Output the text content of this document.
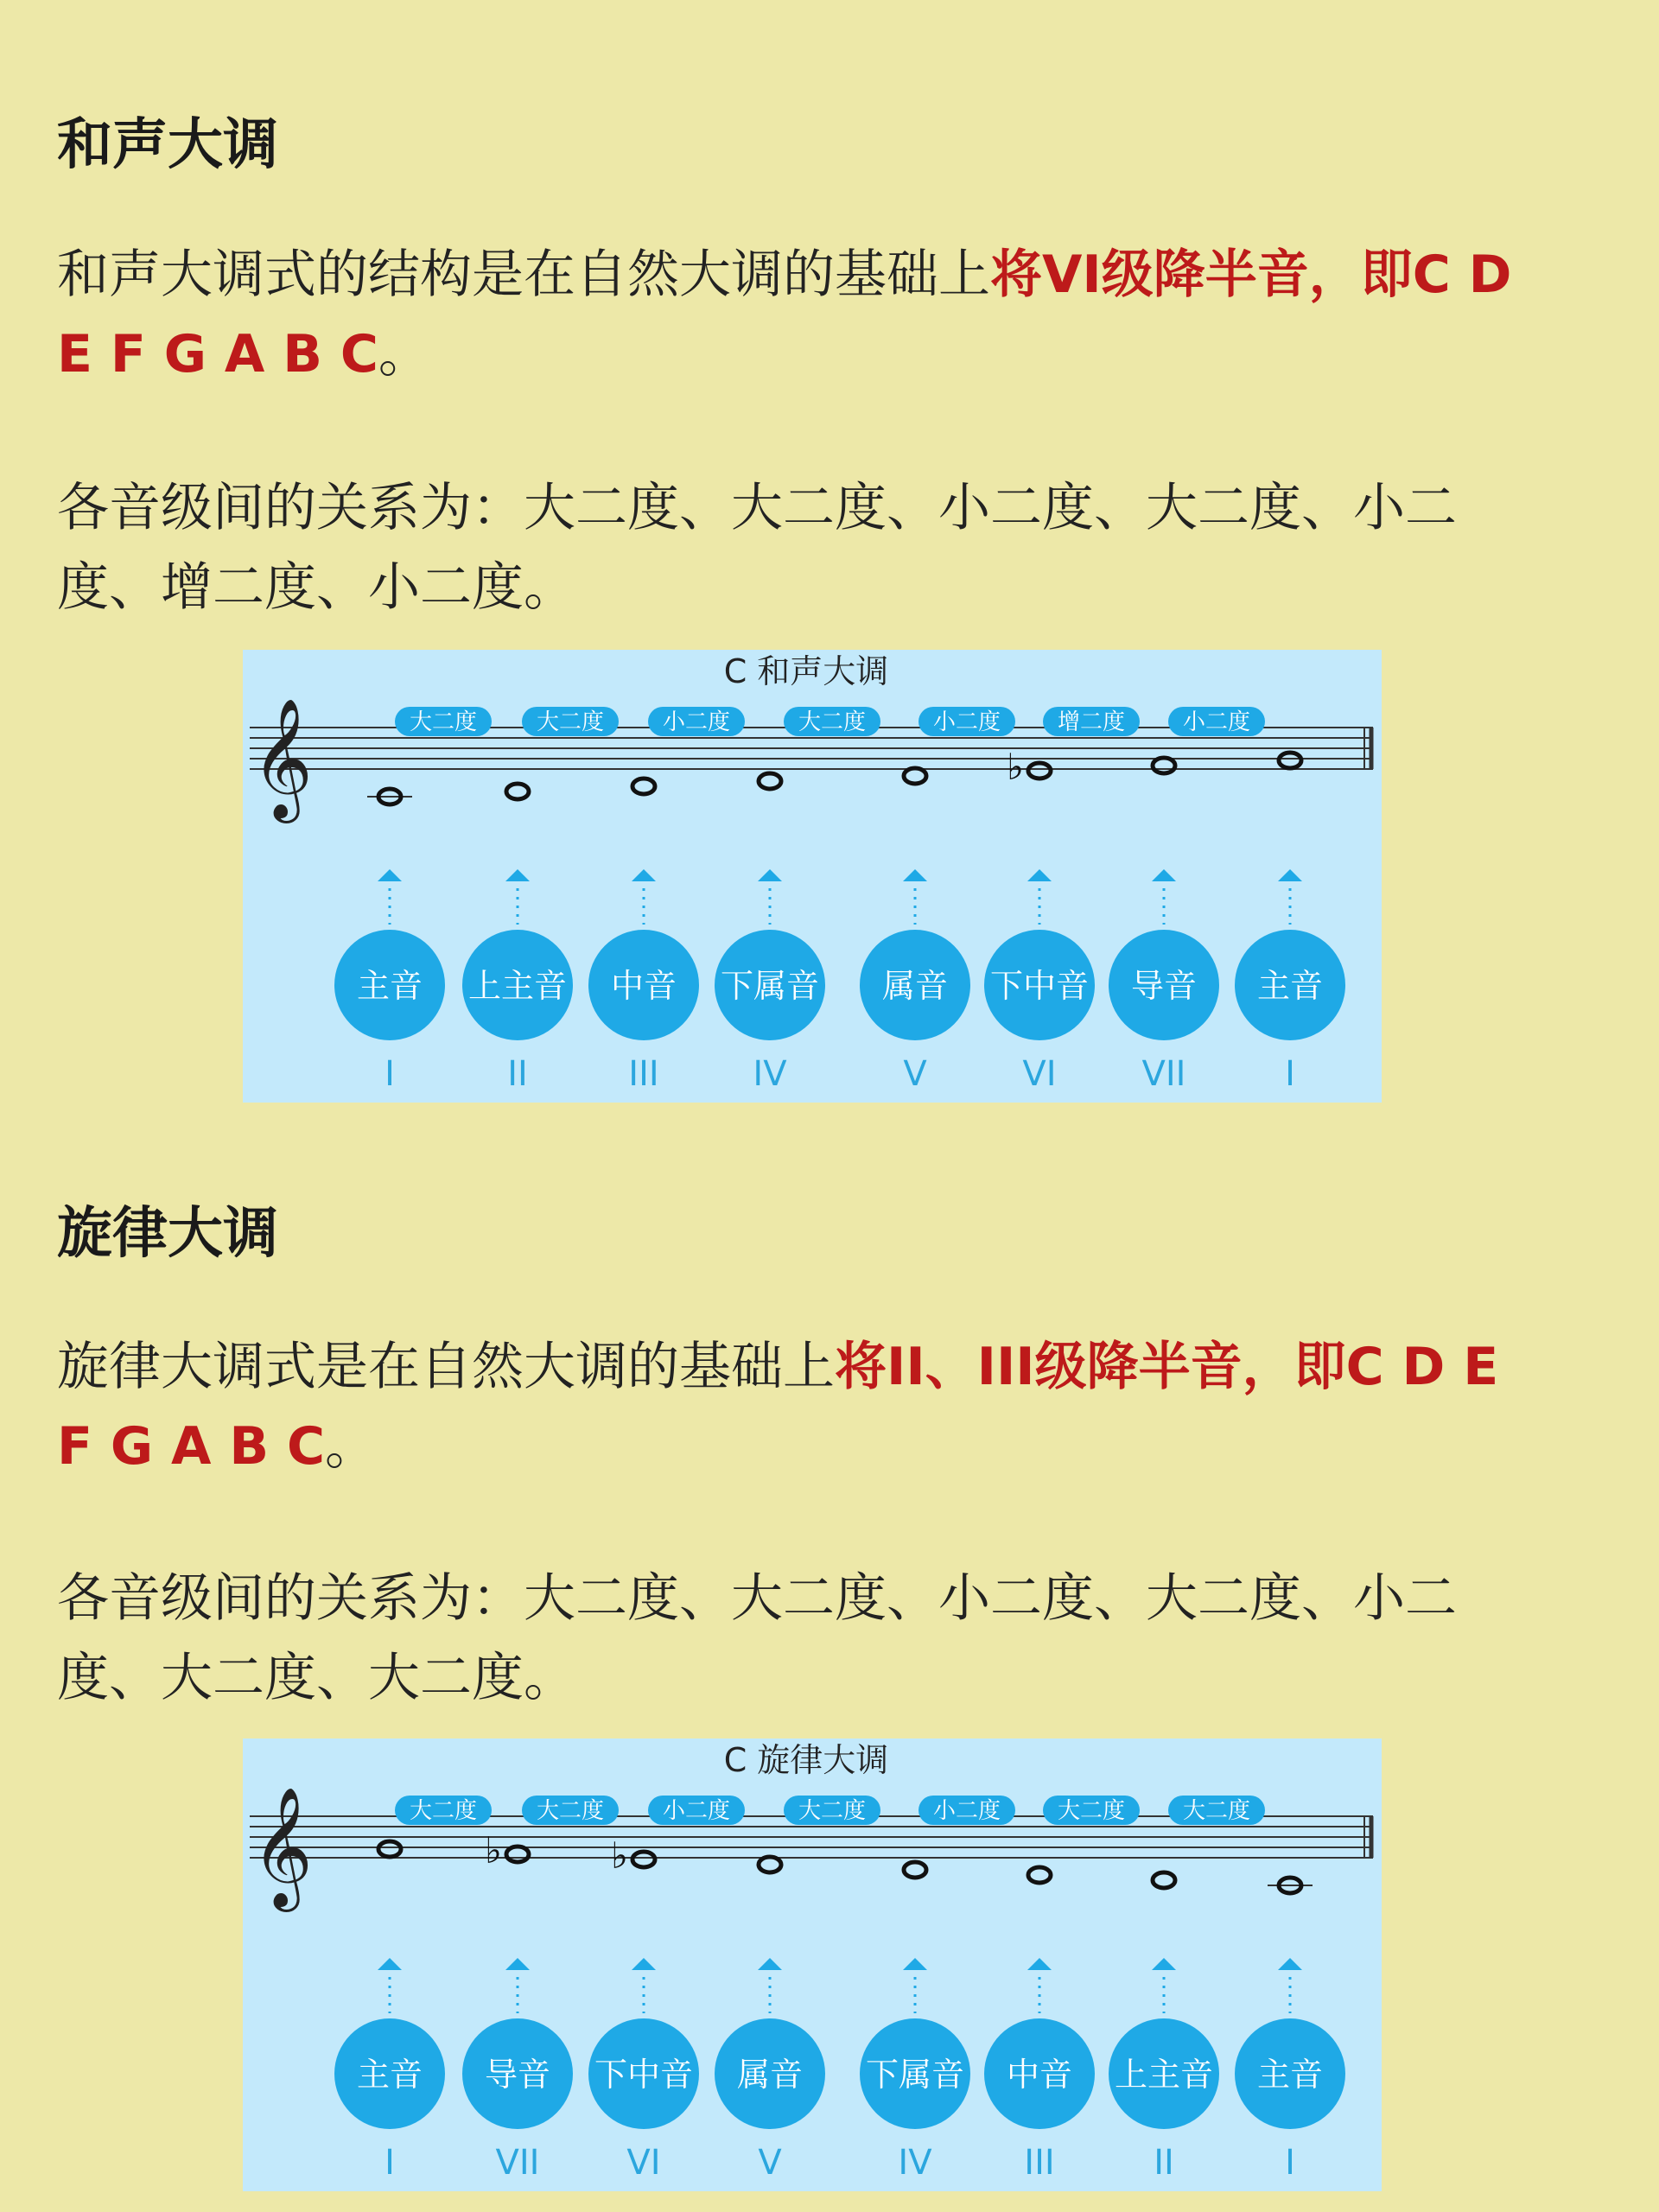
和声大调

和声大调式的结构是在自然大调的基础上将VI级降半音，即C D
E F G A B C。

各音级间的关系为：大二度、大二度、小二度、大二度、小二
度、增二度、小二度。

C 和声大调
𝄞	大二度	大二度	小二度	大二度	小二度	增二度	小二度
♭
主音
I
上主音
II
中音
III
下属音
IV
属音
V
下中音
VI
导音
VII
主音
I
旋律大调

旋律大调式是在自然大调的基础上将II、III级降半音，即C D E
F G A B C。

各音级间的关系为：大二度、大二度、小二度、大二度、小二
度、大二度、大二度。

C 旋律大调
𝄞	大二度	大二度	小二度	大二度	小二度	大二度	大二度
♭	♭
主音
I
导音
VII
下中音
VI
属音
V
下属音
IV
中音
III
上主音
II
主音
I
